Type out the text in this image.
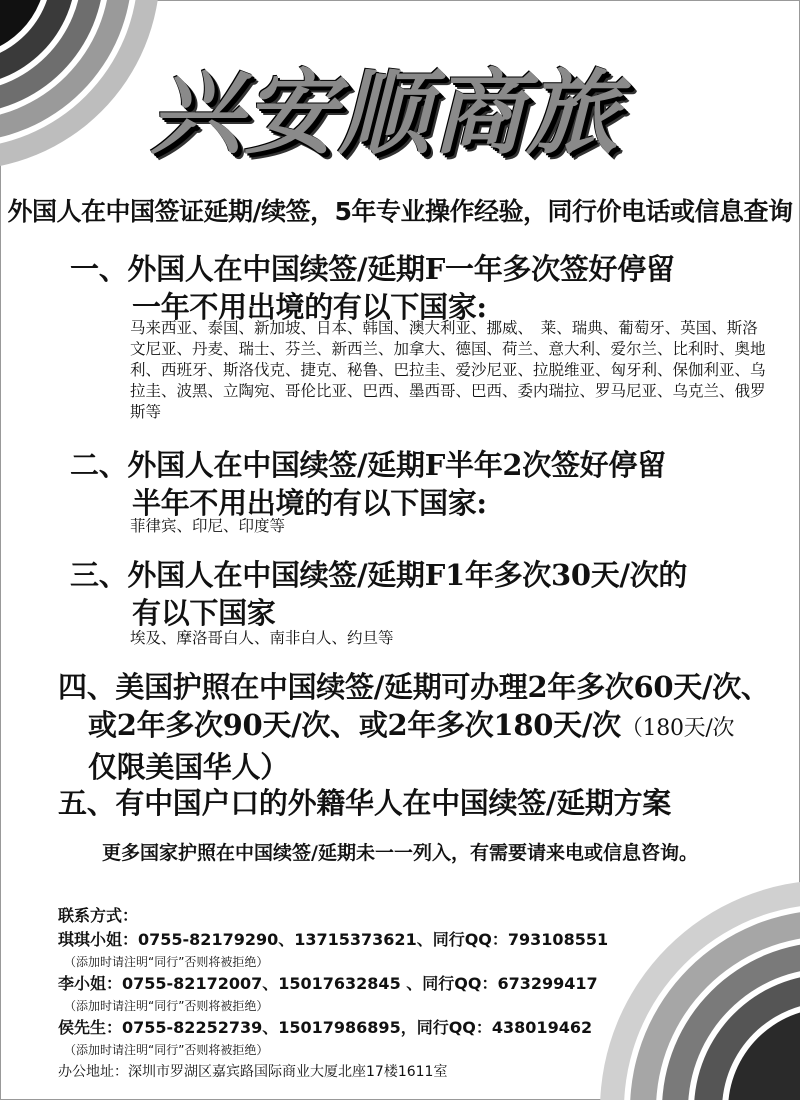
兴安顺商旅
外国人在中国签证延期/续签，5年专业操作经验，同行价电话或信息查询
一、外国人在中国续签/延期F一年多次签好停留
一年不用出境的有以下国家:
马来西亚、泰国、新加坡、日本、韩国、澳大利亚、挪威、　莱、瑞典、葡萄牙、英国、斯洛文尼亚、丹麦、瑞士、芬兰、新西兰、加拿大、德国、荷兰、意大利、爱尔兰、比利时、奥地利、西班牙、斯洛伐克、捷克、秘鲁、巴拉圭、爱沙尼亚、拉脱维亚、匈牙利、保伽利亚、乌拉圭、波黑、立陶宛、哥伦比亚、巴西、墨西哥、巴西、委内瑞拉、罗马尼亚、乌克兰、俄罗斯等
二、外国人在中国续签/延期F半年2次签好停留
半年不用出境的有以下国家:
菲律宾、印尼、印度等
三、外国人在中国续签/延期F1年多次30天/次的
有以下国家
埃及、摩洛哥白人、南非白人、约旦等
四、美国护照在中国续签/延期可办理2年多次60天/次、
或2年多次90天/次、或2年多次180天/次（180天/次
仅限美国华人）
五、有中国户口的外籍华人在中国续签/延期方案
更多国家护照在中国续签/延期未一一列入，有需要请来电或信息咨询。
联系方式：
琪琪小姐：0755-82179290、13715373621、同行QQ：793108551
（添加时请注明“同行”否则将被拒绝）
李小姐：0755-82172007、15017632845 、同行QQ：673299417
（添加时请注明“同行”否则将被拒绝）
侯先生：0755-82252739、15017986895，同行QQ：438019462
（添加时请注明“同行”否则将被拒绝）
办公地址：深圳市罗湖区嘉宾路国际商业大厦北座17楼1611室
